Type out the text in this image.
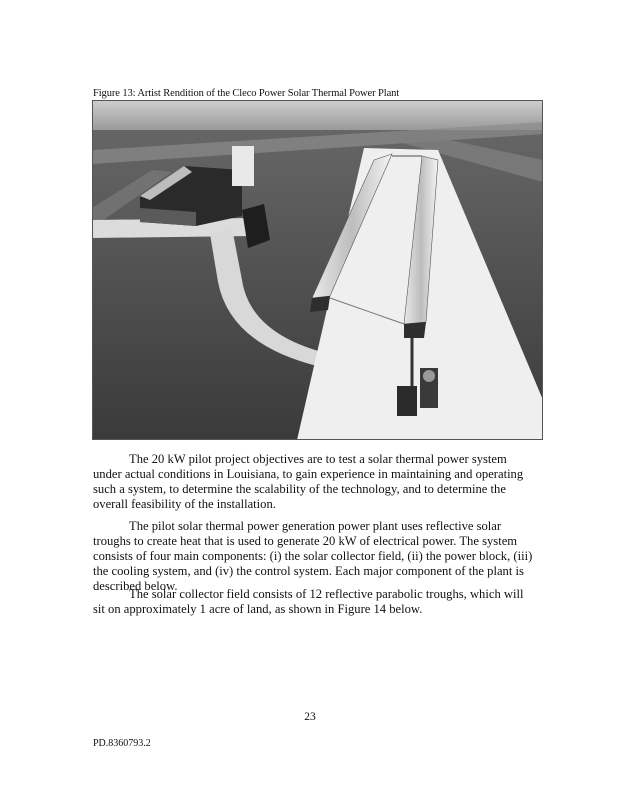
Figure 13: Artist Rendition of the Cleco Power Solar Thermal Power Plant

The 20 kW pilot project objectives are to test a solar thermal power system under actual conditions in Louisiana, to gain experience in maintaining and operating such a system, to determine the scalability of the technology, and to determine the overall feasibility of the installation.

The pilot solar thermal power generation power plant uses reflective solar troughs to create heat that is used to generate 20 kW of electrical power. The system consists of four main components: (i) the solar collector field, (ii) the power block, (iii) the cooling system, and (iv) the control system. Each major component of the plant is described below.

The solar collector field consists of 12 reflective parabolic troughs, which will sit on approximately 1 acre of land, as shown in Figure 14 below.

23
PD.8360793.2
